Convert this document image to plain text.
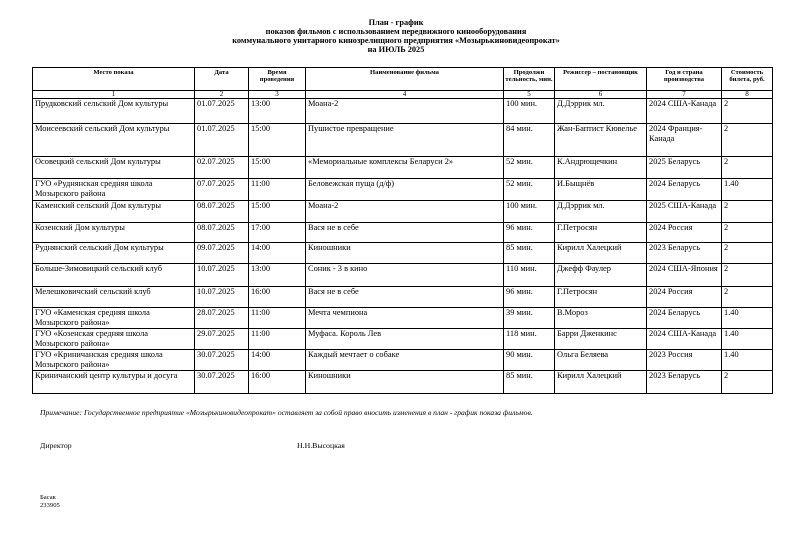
План - график
показов фильмов с использованием передвижного кинооборудования
коммунального унитарного кинозрелищного предприятия «Мозырькиновидеопрокат»
на ИЮЛЬ 2025
Место показа	Дата	Время проведения	Наименование фильма	Продолжи тельность, мин.	Режиссер – постановщик	Год и страна производства	Стоимость билета, руб.
1	2	3	4	5	6	7	8
Прудковский сельский Дом культуры	01.07.2025	13:00	Моана-2	100 мин.	Д.Дэррик мл.	2024 США-Канада	2
Моисеевский сельский Дом культуры	01.07.2025	15:00	Пушистое превращение	84 мин.	Жан-Баптист Кювелье	2024 Франция-Канада	2
Осовецкий сельский Дом культуры	02.07.2025	15:00	«Мемориальные комплексы Беларуси 2»	52 мин.	К.Андрющечкин	2025 Беларусь	2
ГУО «Руднянская средняя школа Мозырского района	07.07.2025	11:00	Беловежская пуща (д/ф)	52 мин.	И.Быщнёв	2024 Беларусь	1.40
Каменский сельский Дом культуры	08.07.2025	15:00	Моана-2	100 мин.	Д.Дэррик мл.	2025 США-Канада	2
Козенский Дом культуры	08.07.2025	17:00	Вася не в себе	96 мин.	Г.Петросян	2024 Россия	2
Руднянский сельский Дом культуры	09.07.2025	14:00	Киношники	85 мин.	Кирилл Халецкий	2023 Беларусь	2
Больше-Зимовицкий сельский клуб	10.07.2025	13:00	Соник - 3 в кино	110 мин.	Джефф Фаулер	2024 США-Япония	2
Мелешковичский сельский клуб	10.07.2025	16:00	Вася не в себе	96 мин.	Г.Петросян	2024 Россия	2
ГУО «Каменская средняя школа Мозырского района»	28.07.2025	11:00	Мечта чемпиона	39 мин.	В.Мороз	2024 Беларусь	1.40
ГУО «Козенская средняя школа Мозырского района»	29.07.2025	11:00	Муфаса. Король Лев	118 мин.	Барри Дженкинс	2024 США-Канада	1.40
ГУО «Криничанская средняя школа Мозырского района»	30.07.2025	14:00	Каждый мечтает о собаке	90 мин.	Ольга Беляева	2023 Россия	1.40
Криничанский центр культуры и досуга	30.07.2025	16:00	Киношники	85 мин.	Кирилл Халецкий	2023 Беларусь	2
Примечание: Государственное предприятие «Мозырькиновидеопрокат» оставляет за собой право вносить изменения в план - график показа фильмов.
Директор	Н.Н.Высоцкая
Басак
233905
